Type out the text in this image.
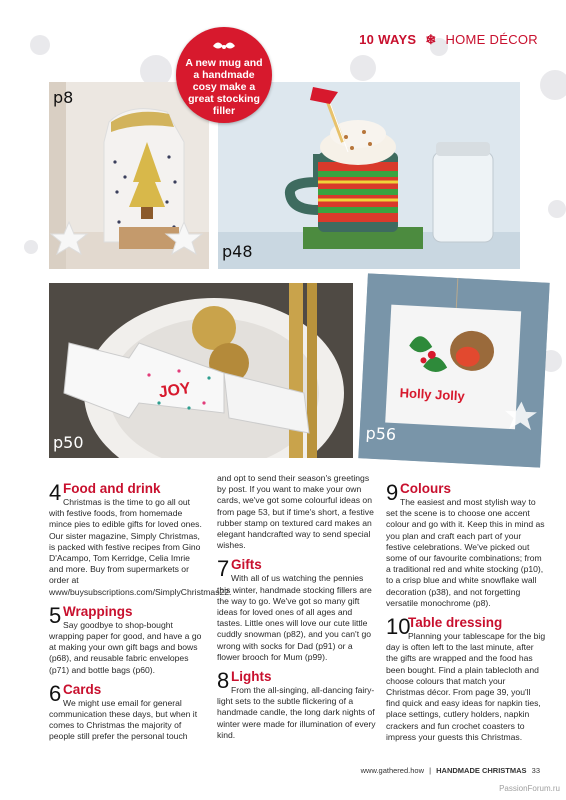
10 WAYS ❄ HOME DÉCOR
p8
p48
A new mug and a handmade cosy make a great stocking filler
JOY
p50
Holly Jolly
p56
4 Food and drink
Christmas is the time to go all out with festive foods, from homemade mince pies to edible gifts for loved ones. Our sister magazine, Simply Christmas, is packed with festive recipes from Gino D'Acampo, Tom Kerridge, Celia Imrie and more. Buy from supermarkets or order at www/buysubscriptions.com/SimplyChristmas22.
5 Wrappings
Say goodbye to shop-bought wrapping paper for good, and have a go at making your own gift bags and bows (p68), and reusable fabric envelopes (p71) and bottle bags (p60).
6 Cards
We might use email for general communication these days, but when it comes to Christmas the majority of people still prefer the personal touch
and opt to send their season's greetings by post. If you want to make your own cards, we've got some colourful ideas on from page 53, but if time's short, a festive rubber stamp on textured card makes an elegant handcrafted way to send special wishes.
7 Gifts
With all of us watching the pennies this winter, handmade stocking fillers are the way to go. We've got so many gift ideas for loved ones of all ages and tastes. Little ones will love our cute little cuddly snowman (p82), and you can't go wrong with socks for Dad (p91) or a flower brooch for Mum (p99).
8 Lights
From the all-singing, all-dancing fairy-light sets to the subtle flickering of a handmade candle, the long dark nights of winter were made for illumination of every kind.
9 Colours
The easiest and most stylish way to set the scene is to choose one accent colour and go with it. Keep this in mind as you plan and craft each part of your festive celebrations. We've picked out some of our favourite combinations; from a traditional red and white stocking (p10), to a crisp blue and white snowflake wall decoration (p38), and not forgetting versatile monochrome (p8).
10
Table dressing
Planning your tablescape for the big day is often left to the last minute, after the gifts are wrapped and the food has been bought. Find a plain tablecloth and choose colours that match your Christmas décor. From page 39, you'll find quick and easy ideas for napkin ties, place settings, cutlery holders, napkin crackers and fun crochet coasters to impress your guests this Christmas.
www.gathered.how | HANDMADE CHRISTMAS 33
PassionForum.ru
